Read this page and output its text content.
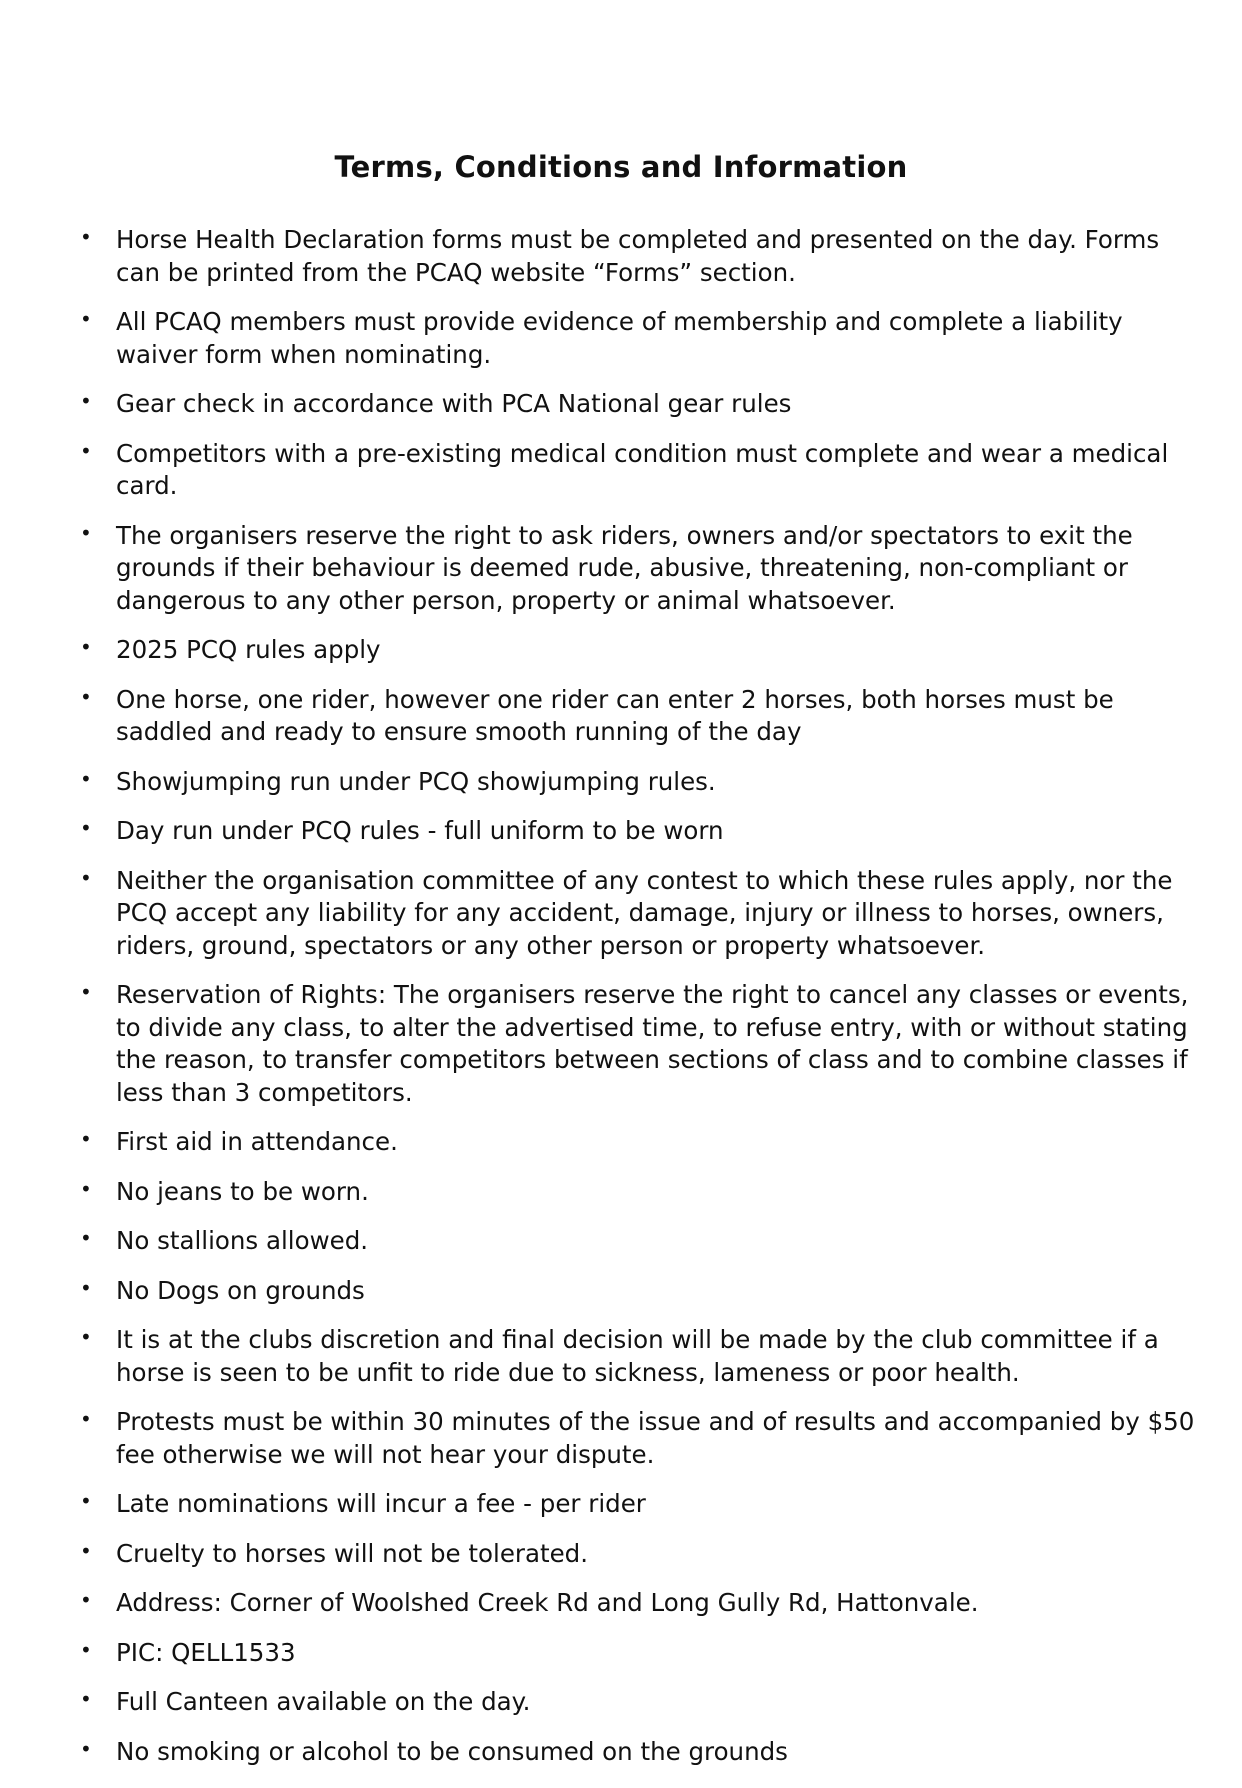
Terms, Conditions and Information
• Horse Health Declaration forms must be completed and presented on the day. Forms can be printed from the PCAQ website “Forms” section.
• All PCAQ members must provide evidence of membership and complete a liability waiver form when nominating.
• Gear check in accordance with PCA National gear rules
• Competitors with a pre-existing medical condition must complete and wear a medical card.
• The organisers reserve the right to ask riders, owners and/or spectators to exit the grounds if their behaviour is deemed rude, abusive, threatening, non-compliant or dangerous to any other person, property or animal whatsoever.
• 2025 PCQ rules apply
• One horse, one rider, however one rider can enter 2 horses, both horses must be saddled and ready to ensure smooth running of the day
• Showjumping run under PCQ showjumping rules.
• Day run under PCQ rules - full uniform to be worn
• Neither the organisation committee of any contest to which these rules apply, nor the PCQ accept any liability for any accident, damage, injury or illness to horses, owners, riders, ground, spectators or any other person or property whatsoever.
• Reservation of Rights: The organisers reserve the right to cancel any classes or events, to divide any class, to alter the advertised time, to refuse entry, with or without stating the reason, to transfer competitors between sections of class and to combine classes if less than 3 competitors.
• First aid in attendance.
• No jeans to be worn.
• No stallions allowed.
• No Dogs on grounds
• It is at the clubs discretion and final decision will be made by the club committee if a horse is seen to be unfit to ride due to sickness, lameness or poor health.
• Protests must be within 30 minutes of the issue and of results and accompanied by $50 fee otherwise we will not hear your dispute.
• Late nominations will incur a fee - per rider
• Cruelty to horses will not be tolerated.
• Address: Corner of Woolshed Creek Rd and Long Gully Rd, Hattonvale.
• PIC: QELL1533
• Full Canteen available on the day.
• No smoking or alcohol to be consumed on the grounds
